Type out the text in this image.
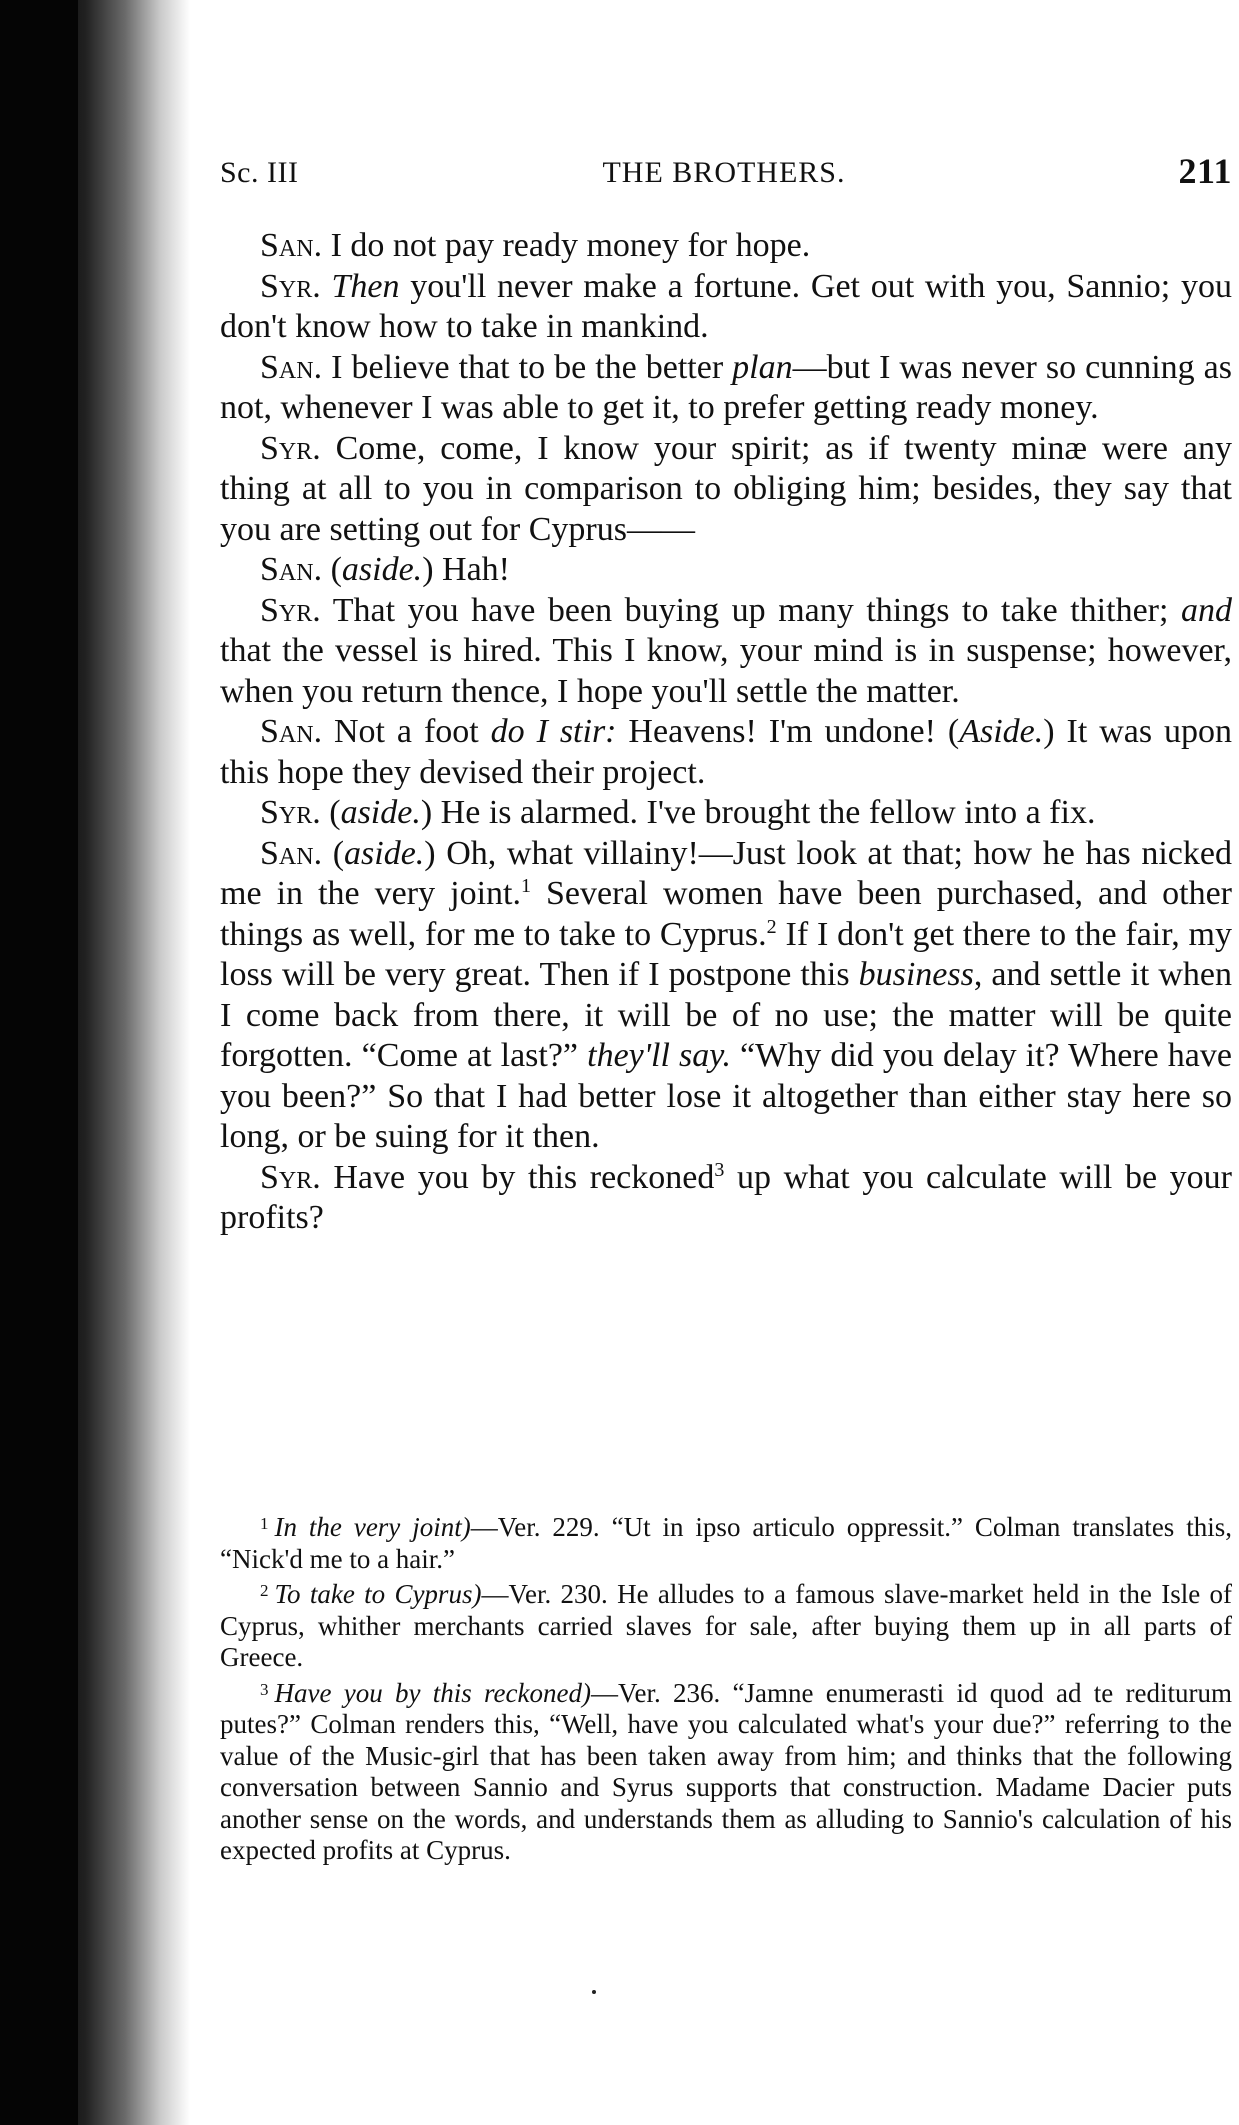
Sc. III	THE BROTHERS.	211

San. I do not pay ready money for hope.

Syr. Then you'll never make a fortune. Get out with you, Sannio; you don't know how to take in mankind.

San. I believe that to be the better plan—but I was never so cunning as not, whenever I was able to get it, to prefer getting ready money.

Syr. Come, come, I know your spirit; as if twenty minæ were any thing at all to you in comparison to obliging him; besides, they say that you are setting out for Cyprus——

San. (aside.) Hah!

Syr. That you have been buying up many things to take thither; and that the vessel is hired. This I know, your mind is in suspense; however, when you return thence, I hope you'll settle the matter.

San. Not a foot do I stir: Heavens! I'm undone! (Aside.) It was upon this hope they devised their project.

Syr. (aside.) He is alarmed. I've brought the fellow into a fix.

San. (aside.) Oh, what villainy!—Just look at that; how he has nicked me in the very joint.$^1$ Several women have been purchased, and other things as well, for me to take to Cyprus.$^2$ If I don't get there to the fair, my loss will be very great. Then if I postpone this business, and settle it when I come back from there, it will be of no use; the matter will be quite forgotten. “Come at last?” they'll say. “Why did you delay it? Where have you been?” So that I had better lose it altogether than either stay here so long, or be suing for it then.

Syr. Have you by this reckoned$^3$ up what you calculate will be your profits?

$^1$ In the very joint)—Ver. 229. “Ut in ipso articulo oppressit.” Colman translates this, “Nick'd me to a hair.”

$^2$ To take to Cyprus)—Ver. 230. He alludes to a famous slave-market held in the Isle of Cyprus, whither merchants carried slaves for sale, after buying them up in all parts of Greece.

$^3$ Have you by this reckoned)—Ver. 236. “Jamne enumerasti id quod ad te rediturum putes?” Colman renders this, “Well, have you calculated what's your due?” referring to the value of the Music-girl that has been taken away from him; and thinks that the following conversation between Sannio and Syrus supports that construction. Madame Dacier puts another sense on the words, and understands them as alluding to Sannio's calculation of his expected profits at Cyprus.
